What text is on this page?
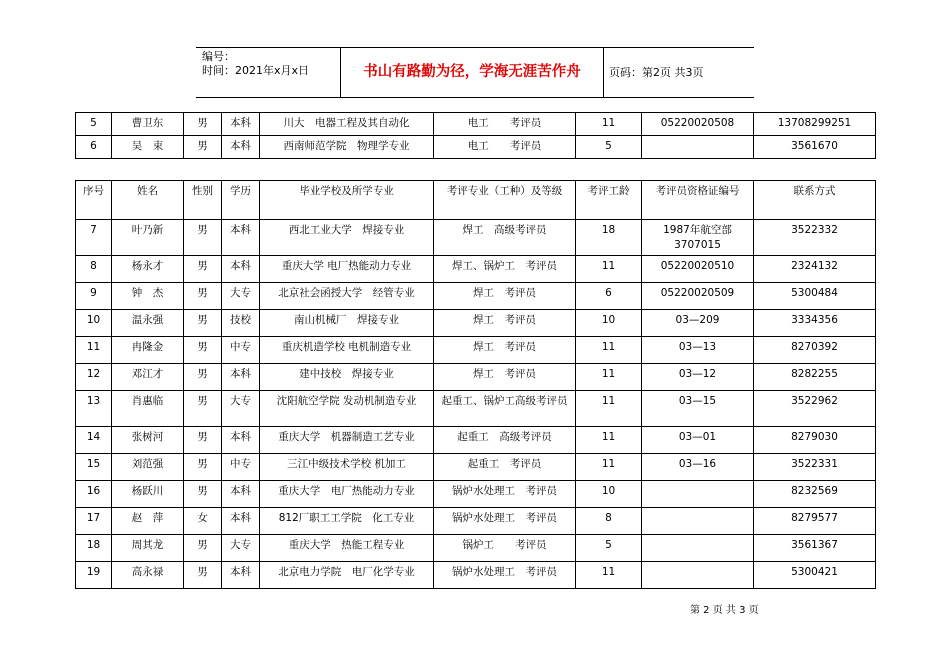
编号：
时间：2021年x月x日	书山有路勤为径，学海无涯苦作舟	页码：第2页 共3页
5	曹卫东	男	本科	川大　电器工程及其自动化	电工　　考评员	11	05220020508	13708299251
6	吴　束	男	本科	西南师范学院　物理学专业	电工　　考评员	5		3561670
序号	姓名	性别	学历	毕业学校及所学专业	考评专业（工种）及等级	考评工龄	考评员资格证编号	联系方式
7	叶乃新	男	本科	西北工业大学　焊接专业	焊工　高级考评员	18	1987年航空部3707015	3522332
8	杨永才	男	本科	重庆大学 电厂热能动力专业	焊工、锅炉工　考评员	11	05220020510	2324132
9	钟　杰	男	大专	北京社会函授大学　经管专业	焊工　考评员	6	05220020509	5300484
10	温永强	男	技校	南山机械厂　焊接专业	焊工　考评员	10	03—209	3334356
11	冉隆金	男	中专	重庆机造学校 电机制造专业	焊工　考评员	11	03—13	8270392
12	邓江才	男	本科	建中技校　焊接专业	焊工　考评员	11	03—12	8282255
13	肖惠临	男	大专	沈阳航空学院 发动机制造专业	起重工、锅炉工高级考评员	11	03—15	3522962
14	张树河	男	本科	重庆大学　机器制造工艺专业	起重工　高级考评员	11	03—01	8279030
15	刘范强	男	中专	三江中级技术学校 机加工	起重工　考评员	11	03—16	3522331
16	杨跃川	男	本科	重庆大学　电厂热能动力专业	锅炉水处理工　考评员	10		8232569
17	赵　萍	女	本科	812厂职工工学院　化工专业	锅炉水处理工　考评员	8		8279577
18	周其龙	男	大专	重庆大学　热能工程专业	锅炉工　　考评员	5		3561367
19	高永禄	男	本科	北京电力学院　电厂化学专业	锅炉水处理工　考评员	11		5300421
第 2 页 共 3 页
